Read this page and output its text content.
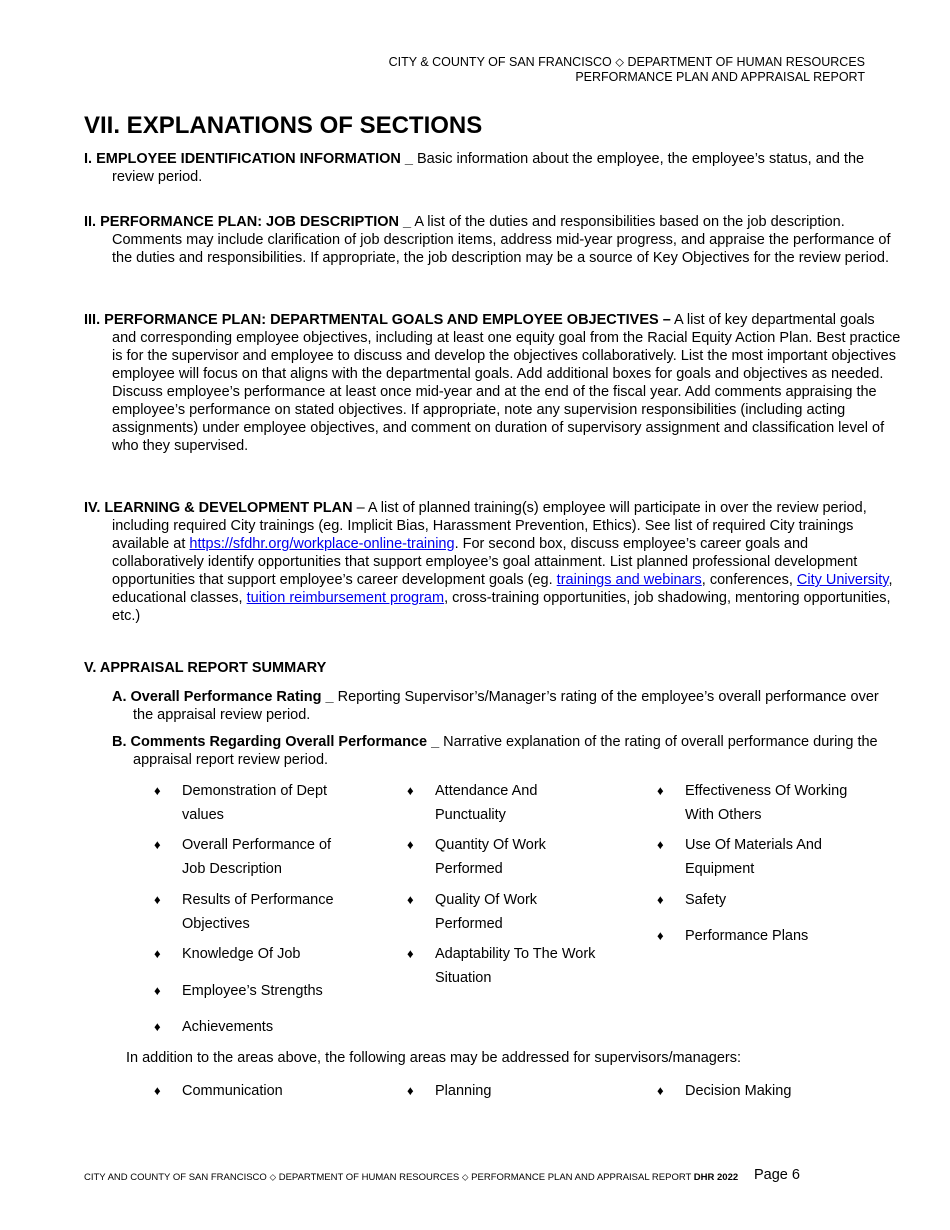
CITY & COUNTY OF SAN FRANCISCO ⬦ DEPARTMENT OF HUMAN RESOURCES
PERFORMANCE PLAN AND APPRAISAL REPORT
VII. EXPLANATIONS OF SECTIONS
I. EMPLOYEE IDENTIFICATION INFORMATION _ Basic information about the employee, the employee’s status, and the review period.
II. PERFORMANCE PLAN: JOB DESCRIPTION _ A list of the duties and responsibilities based on the job description. Comments may include clarification of job description items, address mid-year progress, and appraise the performance of the duties and responsibilities. If appropriate, the job description may be a source of Key Objectives for the review period.
III. PERFORMANCE PLAN: DEPARTMENTAL GOALS AND EMPLOYEE OBJECTIVES – A list of key departmental goals and corresponding employee objectives, including at least one equity goal from the Racial Equity Action Plan. Best practice is for the supervisor and employee to discuss and develop the objectives collaboratively. List the most important objectives employee will focus on that aligns with the departmental goals. Add additional boxes for goals and objectives as needed. Discuss employee’s performance at least once mid-year and at the end of the fiscal year. Add comments appraising the employee’s performance on stated objectives. If appropriate, note any supervision responsibilities (including acting assignments) under employee objectives, and comment on duration of supervisory assignment and classification level of who they supervised.
IV. LEARNING & DEVELOPMENT PLAN – A list of planned training(s) employee will participate in over the review period, including required City trainings (eg. Implicit Bias, Harassment Prevention, Ethics). See list of required City trainings available at https://sfdhr.org/workplace-online-training. For second box, discuss employee’s career goals and collaboratively identify opportunities that support employee’s goal attainment. List planned professional development opportunities that support employee’s career development goals (eg. trainings and webinars, conferences, City University, educational classes, tuition reimbursement program, cross-training opportunities, job shadowing, mentoring opportunities, etc.)
V. APPRAISAL REPORT SUMMARY
A. Overall Performance Rating _ Reporting Supervisor’s/Manager’s rating of the employee’s overall performance over the appraisal review period.
B. Comments Regarding Overall Performance _ Narrative explanation of the rating of overall performance during the appraisal report review period.
♦	Demonstration of Dept
values
♦	Overall Performance of
Job Description
♦	Results of Performance
Objectives
♦	Knowledge Of Job
♦	Employee’s Strengths
♦	Achievements
♦	Attendance And
Punctuality
♦	Quantity Of Work
Performed
♦	Quality Of Work
Performed
♦	Adaptability To The Work
Situation
♦	Effectiveness Of Working
With Others
♦	Use Of Materials And
Equipment
♦	Safety
♦	Performance Plans
In addition to the areas above, the following areas may be addressed for supervisors/managers:
♦	Communication	♦	Planning	♦	Decision Making
CITY AND COUNTY OF SAN FRANCISCO ⬦ DEPARTMENT OF HUMAN RESOURCES ⬦ PERFORMANCE PLAN AND APPRAISAL REPORT DHR 2022 Page 6
